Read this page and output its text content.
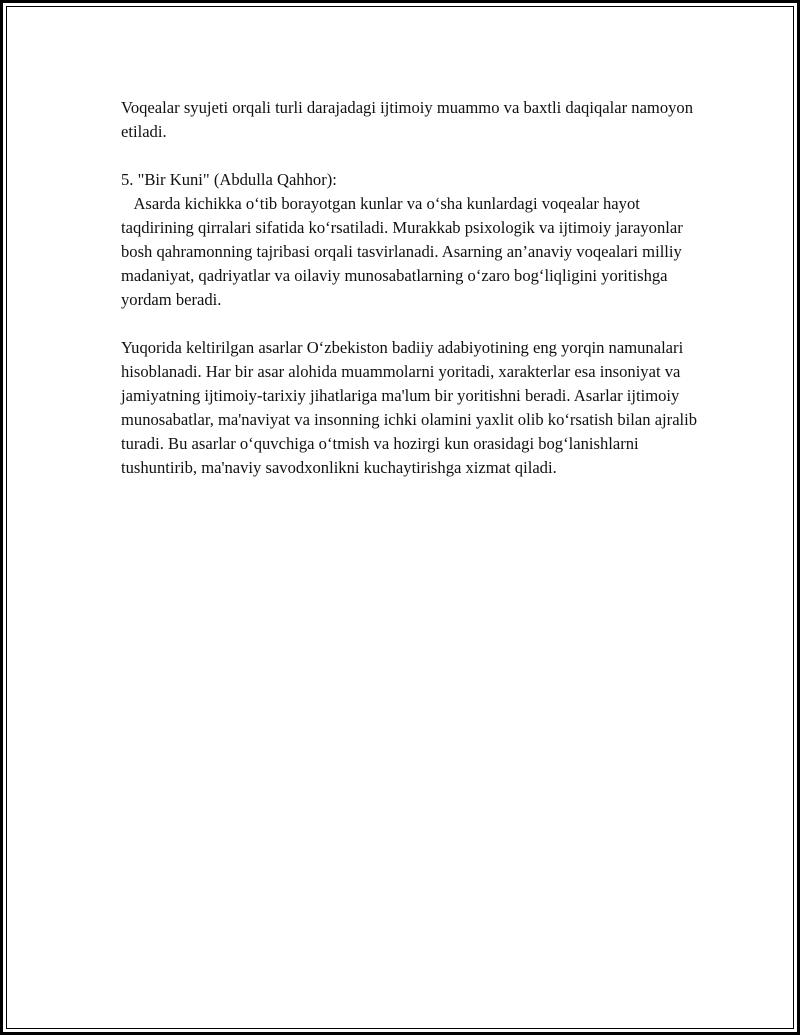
Voqealar syujeti orqali turli darajadagi ijtimoiy muammo va baxtli daqiqalar namoyon etiladi.

5. "Bir Kuni" (Abdulla Qahhor):

Asarda kichikka o‘tib borayotgan kunlar va o‘sha kunlardagi voqealar hayot taqdirining qirralari sifatida ko‘rsatiladi. Murakkab psixologik va ijtimoiy jarayonlar bosh qahramonning tajribasi orqali tasvirlanadi. Asarning an’anaviy voqealari milliy madaniyat, qadriyatlar va oilaviy munosabatlarning o‘zaro bog‘liqligini yoritishga yordam beradi.

Yuqorida keltirilgan asarlar O‘zbekiston badiiy adabiyotining eng yorqin namunalari hisoblanadi. Har bir asar alohida muammolarni yoritadi, xarakterlar esa insoniyat va jamiyatning ijtimoiy-tarixiy jihatlariga ma'lum bir yoritishni beradi. Asarlar ijtimoiy munosabatlar, ma'naviyat va insonning ichki olamini yaxlit olib ko‘rsatish bilan ajralib turadi. Bu asarlar o‘quvchiga o‘tmish va hozirgi kun orasidagi bog‘lanishlarni tushuntirib, ma'naviy savodxonlikni kuchaytirishga xizmat qiladi.
